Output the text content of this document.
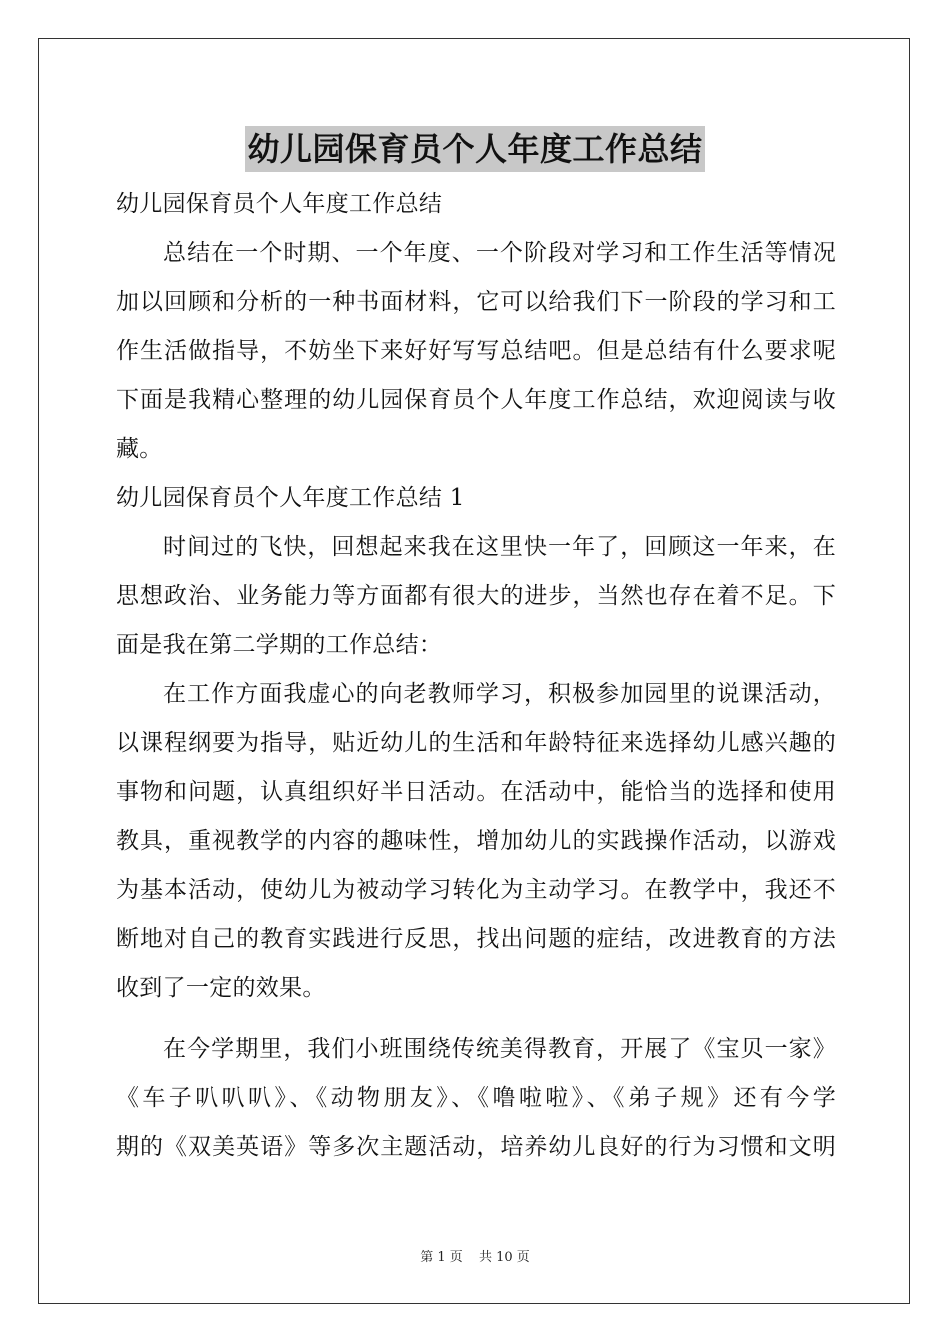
幼儿园保育员个人年度工作总结
幼儿园保育员个人年度工作总结
总结在一个时期、一个年度、一个阶段对学习和工作生活等情况
加以回顾和分析的一种书面材料，它可以给我们下一阶段的学习和工
作生活做指导，不妨坐下来好好写写总结吧。但是总结有什么要求呢
下面是我精心整理的幼儿园保育员个人年度工作总结，欢迎阅读与收
藏。
幼儿园保育员个人年度工作总结 1
时间过的飞快，回想起来我在这里快一年了，回顾这一年来，在
思想政治、业务能力等方面都有很大的进步，当然也存在着不足。下
面是我在第二学期的工作总结：
在工作方面我虚心的向老教师学习，积极参加园里的说课活动，
以课程纲要为指导，贴近幼儿的生活和年龄特征来选择幼儿感兴趣的
事物和问题，认真组织好半日活动。在活动中，能恰当的选择和使用
教具，重视教学的内容的趣味性，增加幼儿的实践操作活动，以游戏
为基本活动，使幼儿为被动学习转化为主动学习。在教学中，我还不
断地对自己的教育实践进行反思，找出问题的症结，改进教育的方法
收到了一定的效果。
在今学期里，我们小班围绕传统美得教育，开展了《宝贝一家》
《车子叭叭叭》、《动物朋友》、《噜啦啦》、《弟子规》还有今学
期的《双美英语》等多次主题活动，培养幼儿良好的行为习惯和文明
第 1 页 共 10 页
